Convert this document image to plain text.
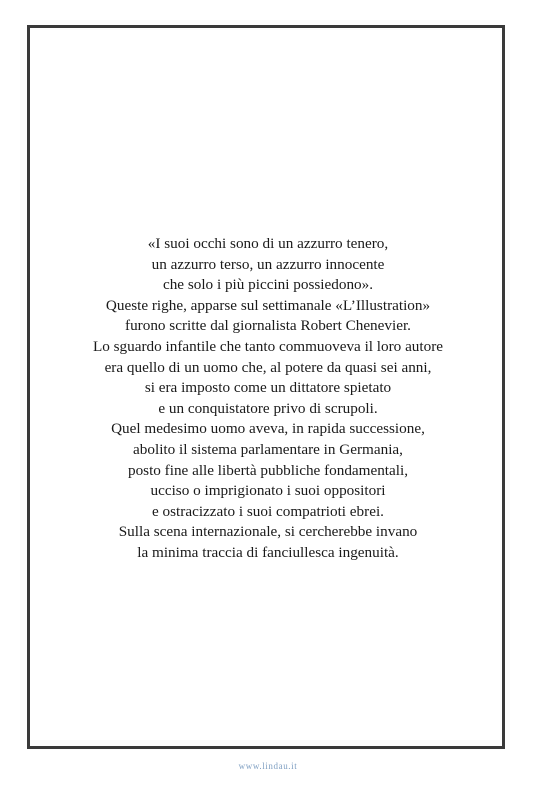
«I suoi occhi sono di un azzurro tenero,
un azzurro terso, un azzurro innocente
che solo i più piccini possiedono».
Queste righe, apparse sul settimanale «L’Illustration»
furono scritte dal giornalista Robert Chenevier.
Lo sguardo infantile che tanto commuoveva il loro autore
era quello di un uomo che, al potere da quasi sei anni,
si era imposto come un dittatore spietato
e un conquistatore privo di scrupoli.
Quel medesimo uomo aveva, in rapida successione,
abolito il sistema parlamentare in Germania,
posto fine alle libertà pubbliche fondamentali,
ucciso o imprigionato i suoi oppositori
e ostracizzato i suoi compatrioti ebrei.
Sulla scena internazionale, si cercherebbe invano
la minima traccia di fanciullesca ingenuità.

www.lindau.it
